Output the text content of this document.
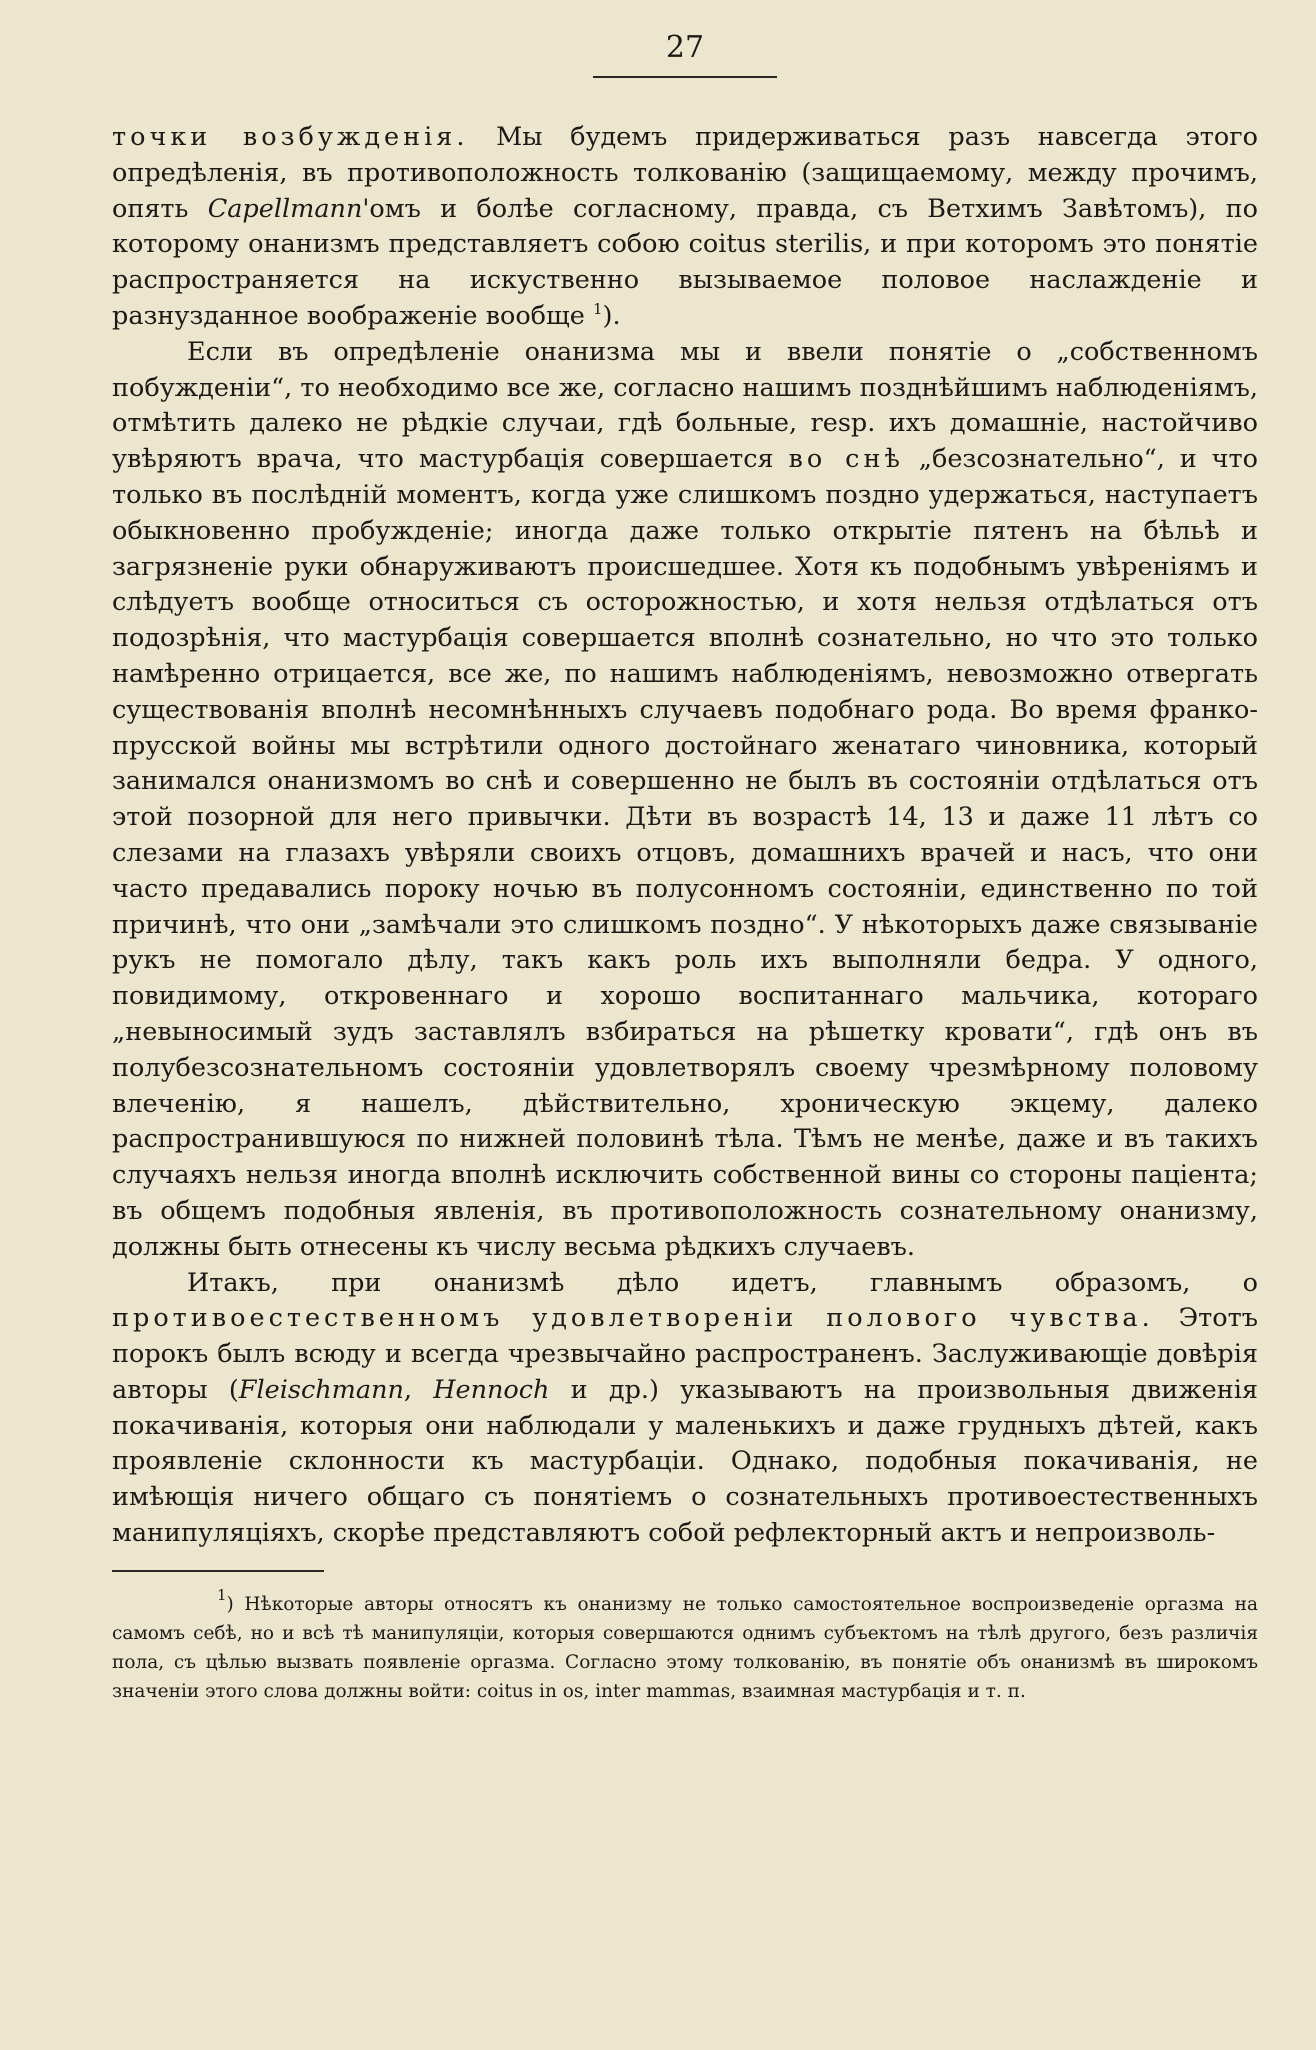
27

точки возбужденія. Мы будемъ придерживаться разъ навсегда этого опредѣленія, въ противоположность толкованію (защищаемому, между прочимъ, опять Capellmann'омъ и болѣе согласному, правда, съ Ветхимъ Завѣтомъ), по которому онанизмъ представляетъ собою coitus sterilis, и при которомъ это понятіе распространяется на искуственно вызываемое половое наслажденіе и разнузданное воображеніе вообще $^1$).

Если въ опредѣленіе онанизма мы и ввели понятіе о „собственномъ побужденіи“, то необходимо все же, согласно нашимъ позднѣйшимъ наблюденіямъ, отмѣтить далеко не рѣдкіе случаи, гдѣ больные, resp. ихъ домашніе, настойчиво увѣряютъ врача, что мастурбація совершается во снѣ „безсознательно“, и что только въ послѣдній моментъ, когда уже слишкомъ поздно удержаться, наступаетъ обыкновенно пробужденіе; иногда даже только открытіе пятенъ на бѣльѣ и загрязненіе руки обнаруживаютъ происшедшее. Хотя къ подобнымъ увѣреніямъ и слѣдуетъ вообще относиться съ осторожностью, и хотя нельзя отдѣлаться отъ подозрѣнія, что мастурбація совершается вполнѣ сознательно, но что это только намѣренно отрицается, все же, по нашимъ наблюденіямъ, невозможно отвергать существованія вполнѣ несомнѣнныхъ случаевъ подобнаго рода. Во время франко-прусской войны мы встрѣтили одного достойнаго женатаго чиновника, который занимался онанизмомъ во снѣ и совершенно не былъ въ состояніи отдѣлаться отъ этой позорной для него привычки. Дѣти въ возрастѣ 14, 13 и даже 11 лѣтъ со слезами на глазахъ увѣряли своихъ отцовъ, домашнихъ врачей и насъ, что они часто предавались пороку ночью въ полусонномъ состояніи, единственно по той причинѣ, что они „замѣчали это слишкомъ поздно“. У нѣкоторыхъ даже связываніе рукъ не помогало дѣлу, такъ какъ роль ихъ выполняли бедра. У одного, повидимому, откровеннаго и хорошо воспитаннаго мальчика, котораго „невыносимый зудъ заставлялъ взбираться на рѣшетку кровати“, гдѣ онъ въ полубезсознательномъ состояніи удовлетворялъ своему чрезмѣрному половому влеченію, я нашелъ, дѣйствительно, хроническую экцему, далеко распространившуюся по нижней половинѣ тѣла. Тѣмъ не менѣе, даже и въ такихъ случаяхъ нельзя иногда вполнѣ исключить собственной вины со стороны паціента; въ общемъ подобныя явленія, въ противоположность сознательному онанизму, должны быть отнесены къ числу весьма рѣдкихъ случаевъ.

Итакъ, при онанизмѣ дѣло идетъ, главнымъ образомъ, о противоестественномъ удовлетвореніи полового чувства. Этотъ порокъ былъ всюду и всегда чрезвычайно распространенъ. Заслуживающіе довѣрія авторы (Fleischmann, Hennoch и др.) указываютъ на произвольныя движенія покачиванія, которыя они наблюдали у маленькихъ и даже грудныхъ дѣтей, какъ проявленіе склонности къ мастурбаціи. Однако, подобныя покачиванія, не имѣющія ничего общаго съ понятіемъ о сознательныхъ противоестественныхъ манипуляціяхъ, скорѣе представляютъ собой рефлекторный актъ и непроизволь-

$^1$) Нѣкоторые авторы относятъ къ онанизму не только самостоятельное воспроизведеніе оргазма на самомъ себѣ, но и всѣ тѣ манипуляціи, которыя совершаются однимъ субъектомъ на тѣлѣ другого, безъ различія пола, съ цѣлью вызвать появленіе оргазма. Согласно этому толкованію, въ понятіе объ онанизмѣ въ широкомъ значеніи этого слова должны войти: coitus in os, inter mammas, взаимная мастурбація и т. п.
